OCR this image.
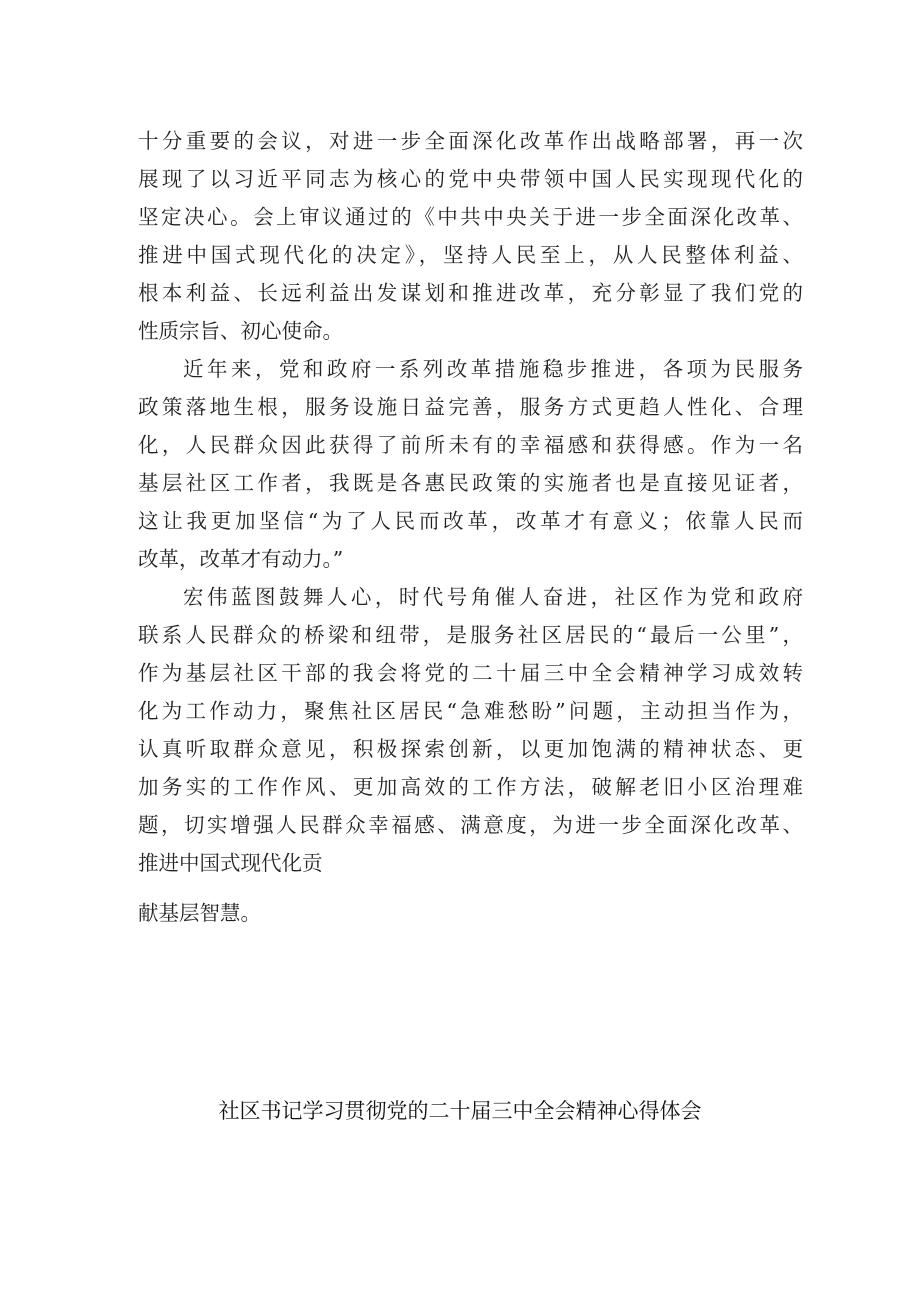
十分重要的会议，对进一步全面深化改革作出战略部署，再一次
展现了以习近平同志为核心的党中央带领中国人民实现现代化的
坚定决心。会上审议通过的《中共中央关于进一步全面深化改革、
推进中国式现代化的决定》，坚持人民至上，从人民整体利益、
根本利益、长远利益出发谋划和推进改革，充分彰显了我们党的
性质宗旨、初心使命。
近年来，党和政府一系列改革措施稳步推进，各项为民服务
政策落地生根，服务设施日益完善，服务方式更趋人性化、合理
化，人民群众因此获得了前所未有的幸福感和获得感。作为一名
基层社区工作者，我既是各惠民政策的实施者也是直接见证者，
这让我更加坚信“为了人民而改革，改革才有意义；依靠人民而
改革，改革才有动力。”
宏伟蓝图鼓舞人心，时代号角催人奋进，社区作为党和政府
联系人民群众的桥梁和纽带，是服务社区居民的“最后一公里”，
作为基层社区干部的我会将党的二十届三中全会精神学习成效转
化为工作动力，聚焦社区居民“急难愁盼”问题，主动担当作为，
认真听取群众意见，积极探索创新，以更加饱满的精神状态、更
加务实的工作作风、更加高效的工作方法，破解老旧小区治理难
题，切实增强人民群众幸福感、满意度，为进一步全面深化改革、
推进中国式现代化贡
献基层智慧。
社区书记学习贯彻党的二十届三中全会精神心得体会
